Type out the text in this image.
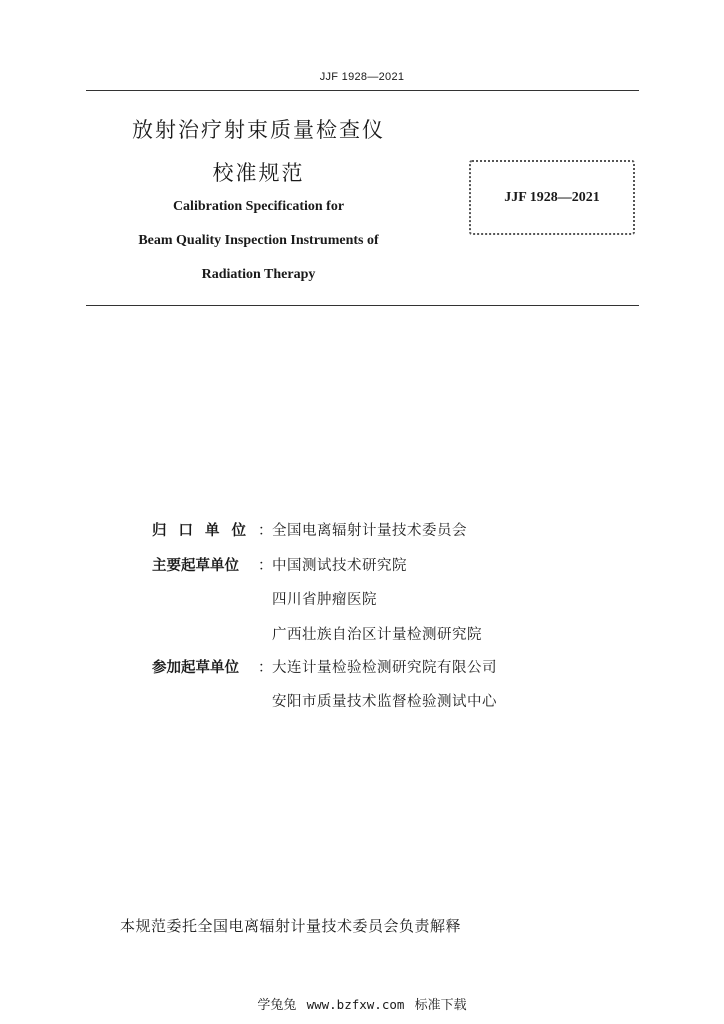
JJF 1928—2021
放射治疗射束质量检查仪
校准规范
Calibration Specification for
Beam Quality Inspection Instruments of
Radiation Therapy
JJF 1928—2021
归口单位 ： 全国电离辐射计量技术委员会
主要起草单位	： 中国测试技术研究院
四川省肿瘤医院
广西壮族自治区计量检测研究院
参加起草单位	： 大连计量检验检测研究院有限公司
安阳市质量技术监督检验测试中心
本规范委托全国电离辐射计量技术委员会负责解释
学兔兔 www.bzfxw.com 标准下载
